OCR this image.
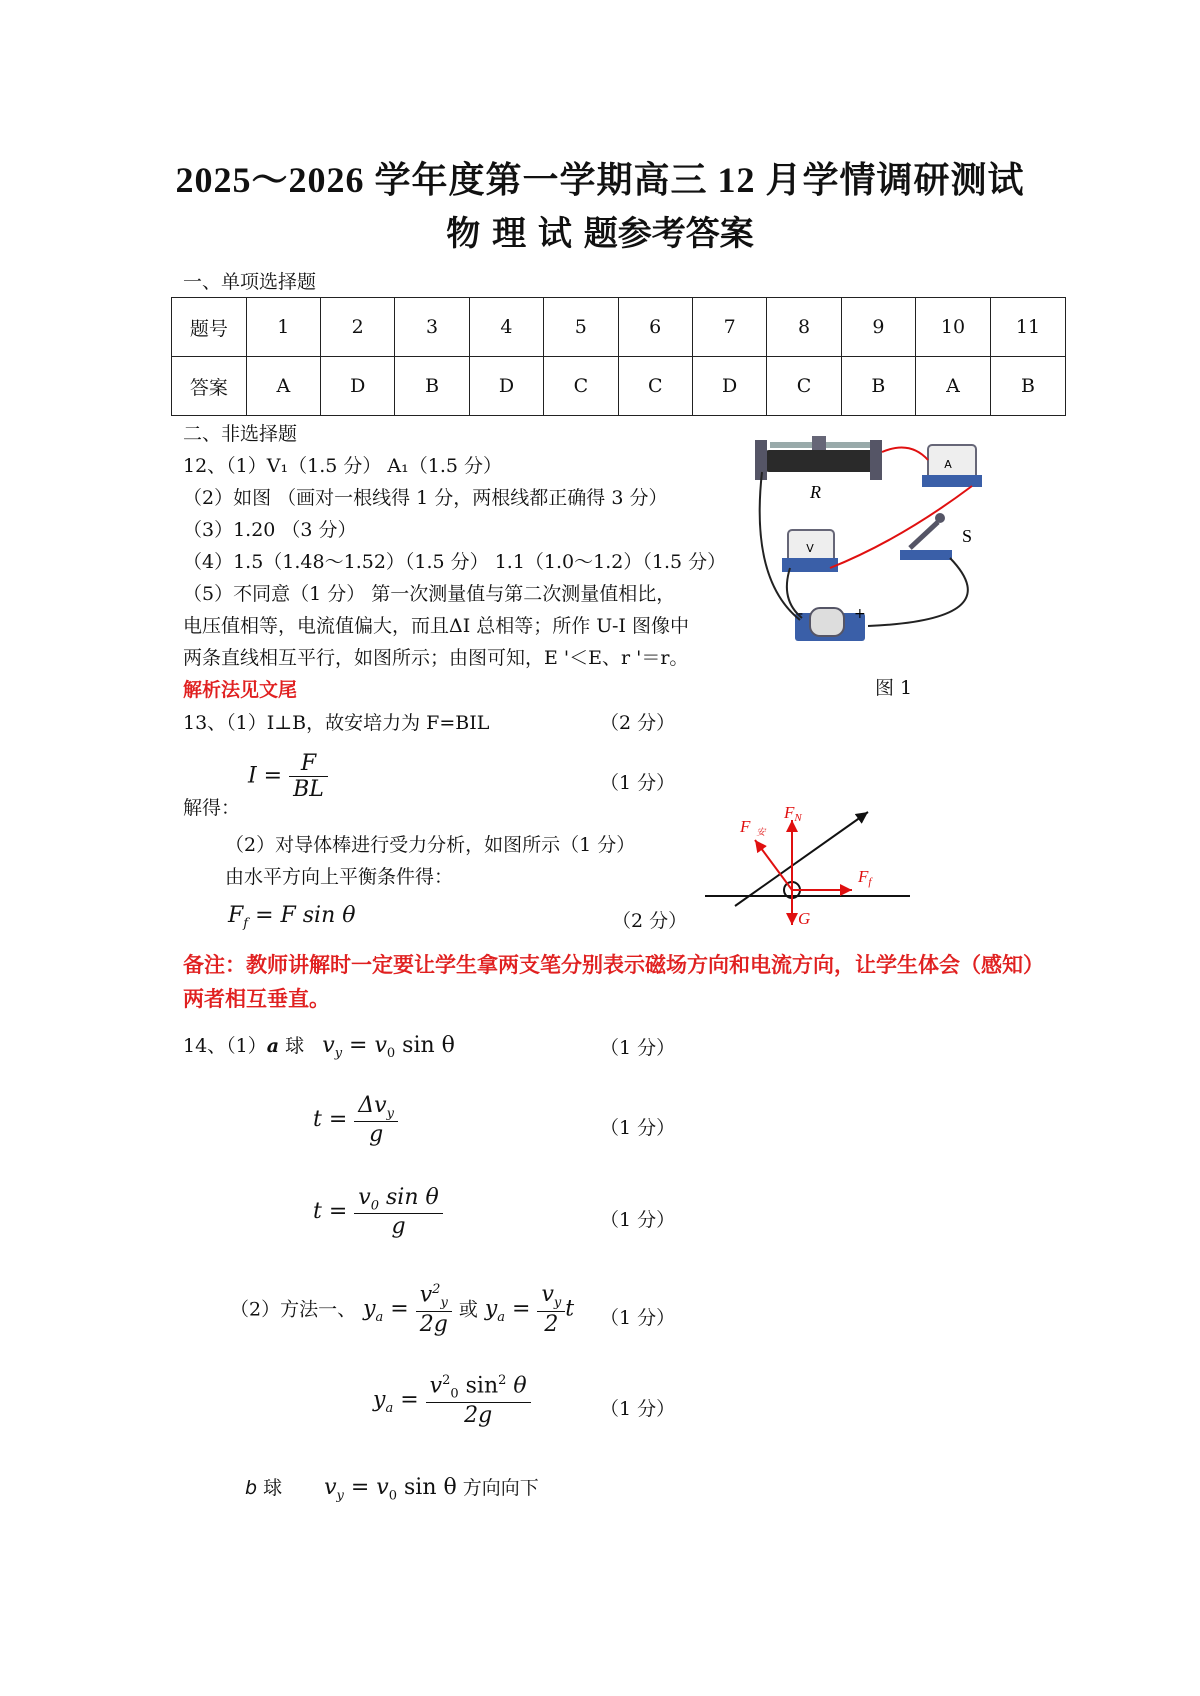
2025～2026 学年度第一学期高三 12 月学情调研测试
物 理 试 题参考答案
一、单项选择题
题号	1	2	3	4	5	6	7	8	9	10	11
答案	A	D	B	D	C	C	D	C	B	A	B
二、非选择题
12、（1）V₁（1.5 分） A₁（1.5 分）
（2）如图 （画对一根线得 1 分，两根线都正确得 3 分）
（3）1.20 （3 分）
（4）1.5（1.48～1.52）（1.5 分） 1.1（1.0～1.2）（1.5 分）
（5）不同意（1 分） 第一次测量值与第二次测量值相比，
电压值相等，电流值偏大，而且ΔI 总相等；所作 U-I 图像中
两条直线相互平行，如图所示；由图可知，E '＜E、r '＝r。
解析法见文尾
R
A
V
S
-	+
图 1
13、（1）I⊥B，故安培力为 F=BIL	（2 分）
解得：
$I = \frac{F}{BL}$	（1 分）
（2）对导体棒进行受力分析，如图所示（1 分）
由水平方向上平衡条件得：
$F_f = F$ sin θ	（2 分）
F安
FN
Ff
G
备注：教师讲解时一定要让学生拿两支笔分别表示磁场方向和电流方向，让学生体会（感知）两者相互垂直。
14、（1）a 球 $v_y = v_0$ sin θ	（1 分）
$t = \frac{\Delta v_y}{g}$	（1 分）
$t = \frac{v_0 \sin \theta}{g}$	（1 分）
（2）方法一、 $y_a = \frac{v^2_y}{2g}$ 或 $y_a = \frac{v_y}{2}$ t （1 分）
$y_a = \frac{v^2_0 \sin^2 \theta}{2g}$	（1 分）
b 球 $v_y = v_0$ sin θ 方向向下
